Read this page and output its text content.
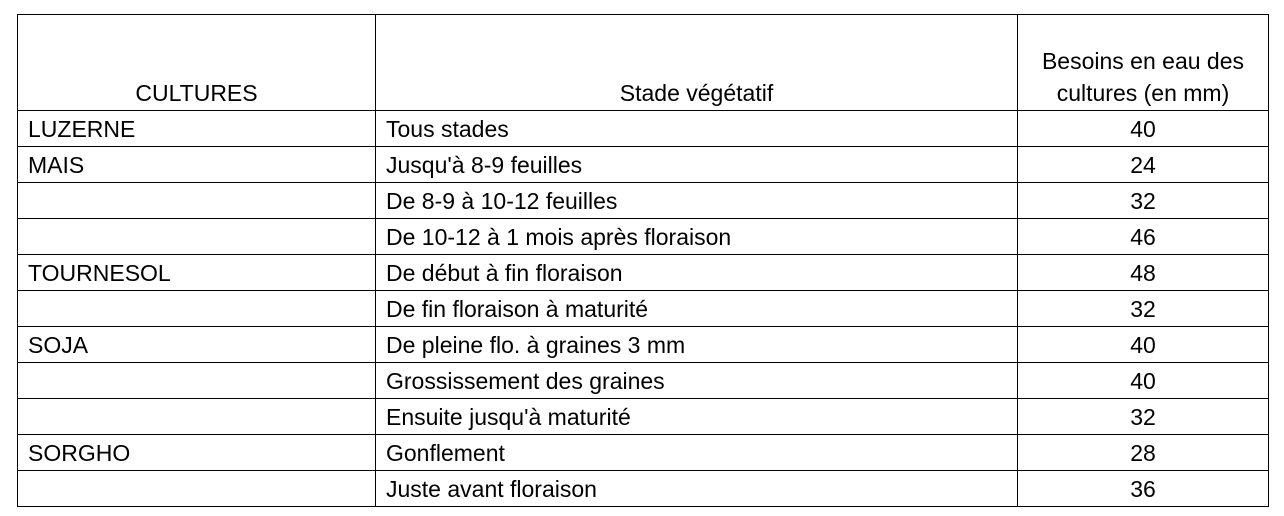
CULTURES	Stade végétatif	Besoins en eau des cultures (en mm)
LUZERNE	Tous stades	40
MAIS	Jusqu'à 8-9 feuilles	24
	De 8-9 à 10-12 feuilles	32
	De 10-12 à 1 mois après floraison	46
TOURNESOL	De début à fin floraison	48
	De fin floraison à maturité	32
SOJA	De pleine flo. à graines 3 mm	40
	Grossissement des graines	40
	Ensuite jusqu'à maturité	32
SORGHO	Gonflement	28
	Juste avant floraison	36
